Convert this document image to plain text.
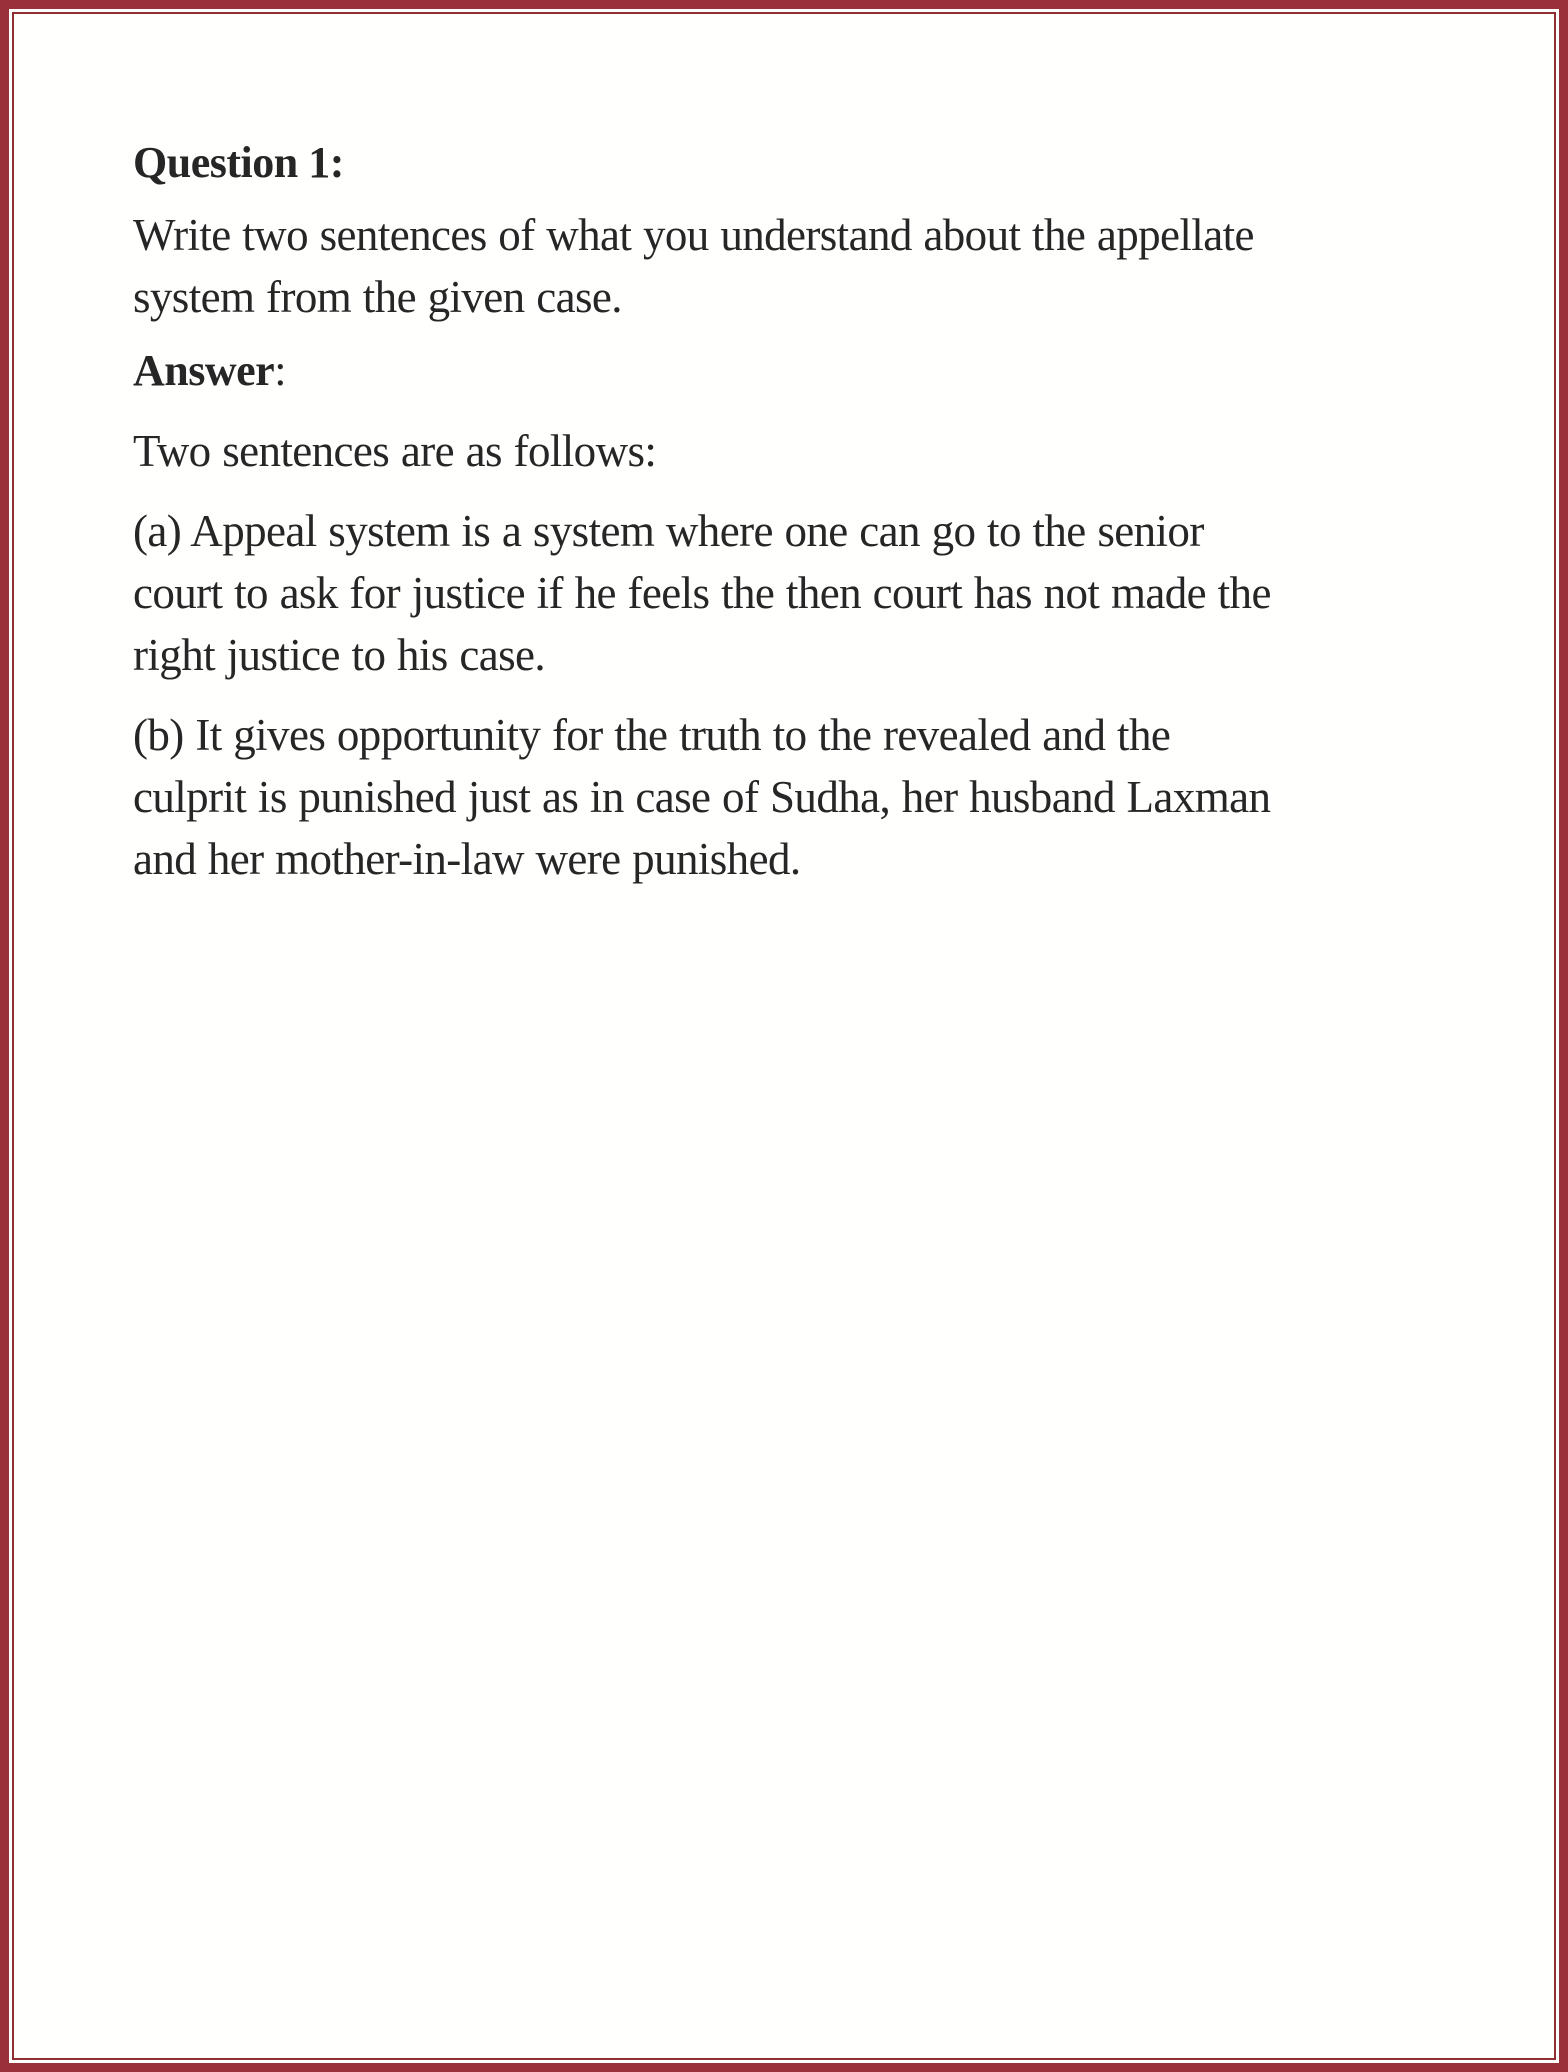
Question 1:

Write two sentences of what you understand about the appellate
system from the given case.

Answer:

Two sentences are as follows:

(a) Appeal system is a system where one can go to the senior
court to ask for justice if he feels the then court has not made the
right justice to his case.

(b) It gives opportunity for the truth to the revealed and the
culprit is punished just as in case of Sudha, her husband Laxman
and her mother-in-law were punished.
